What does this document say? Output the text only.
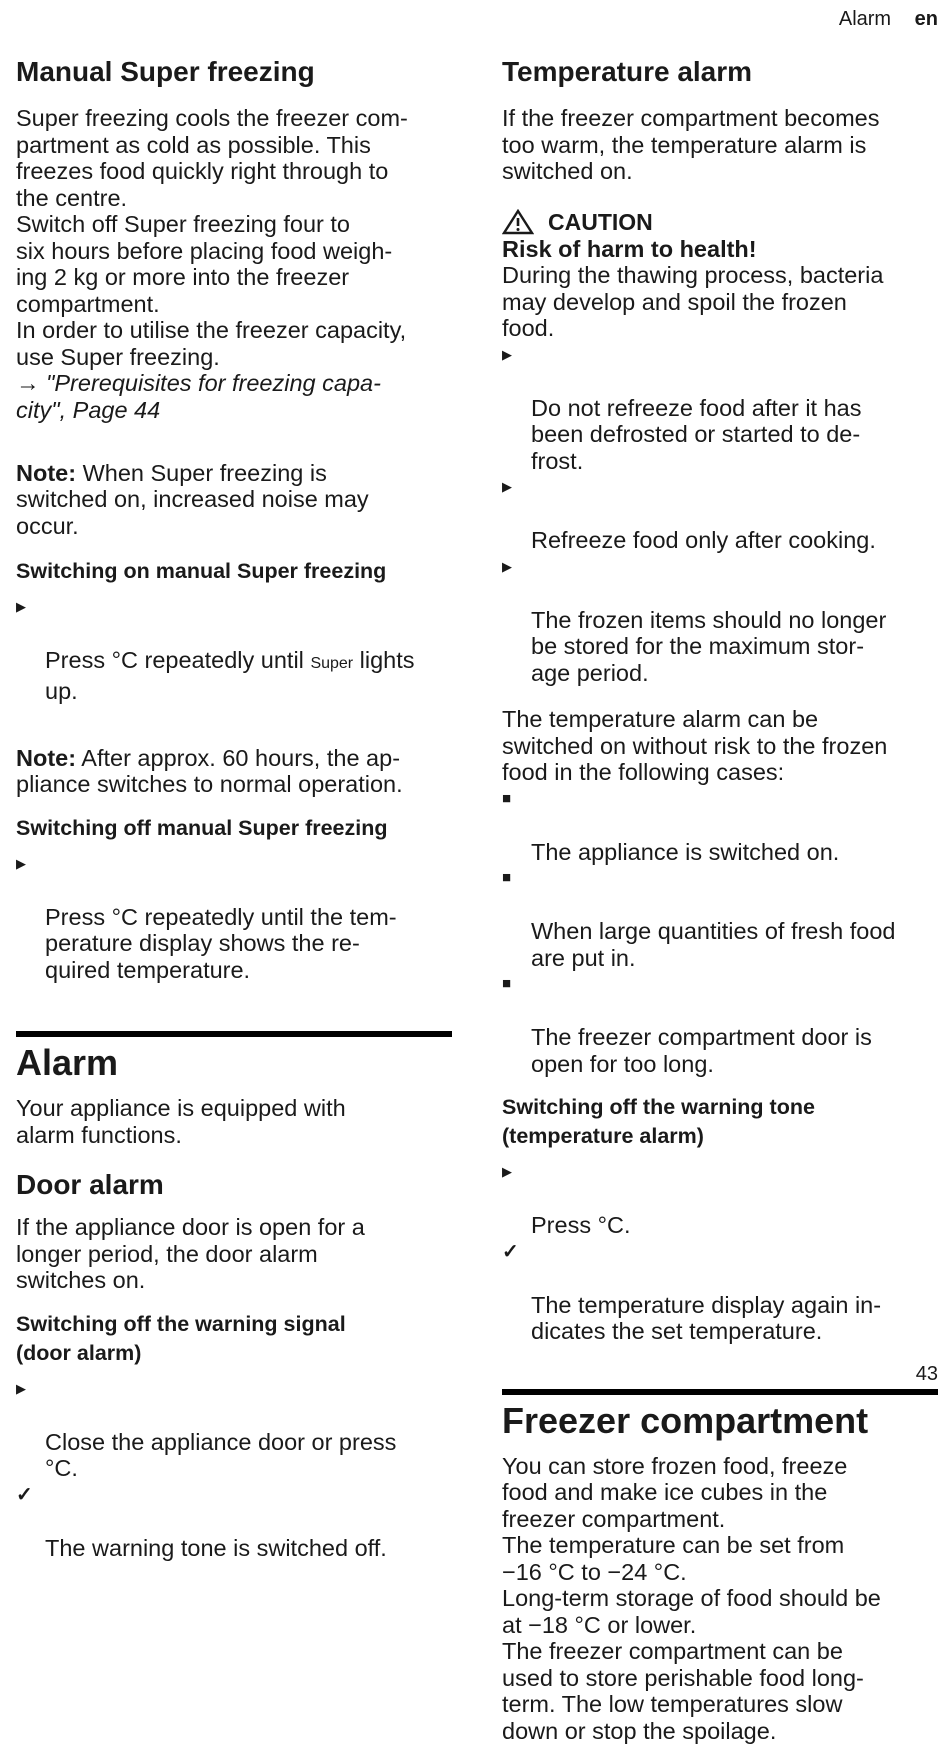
Alarm en
Manual Super freezing

Super freezing cools the freezer com-
partment as cold as possible. This
freezes food quickly right through to
the centre.

Switch off Super freezing four to
six hours before placing food weigh-
ing 2 kg or more into the freezer
compartment.

In order to utilise the freezer capacity,
use Super freezing.

→ "Prerequisites for freezing capa-
city", Page 44

Note: When Super freezing is
switched on, increased noise may
occur.

Switching on manual Super freezing

▶

Press °C repeatedly until Super lights
up.

Note: After approx. 60 hours, the ap-
pliance switches to normal operation.

Switching off manual Super freezing

▶

Press °C repeatedly until the tem-
perature display shows the re-
quired temperature.

Alarm

Your appliance is equipped with
alarm functions.

Door alarm

If the appliance door is open for a
longer period, the door alarm
switches on.

Switching off the warning signal
(door alarm)

▶

Close the appliance door or press
°C.

✓

The warning tone is switched off.

Temperature alarm

If the freezer compartment becomes
too warm, the temperature alarm is
switched on.

CAUTION

Risk of harm to health!

During the thawing process, bacteria
may develop and spoil the frozen
food.

▶

Do not refreeze food after it has
been defrosted or started to de-
frost.

▶

Refreeze food only after cooking.

▶

The frozen items should no longer
be stored for the maximum stor-
age period.

The temperature alarm can be
switched on without risk to the frozen
food in the following cases:

■

The appliance is switched on.

■

When large quantities of fresh food
are put in.

■

The freezer compartment door is
open for too long.

Switching off the warning tone
(temperature alarm)

▶

Press °C.

✓

The temperature display again in-
dicates the set temperature.

Freezer compartment

You can store frozen food, freeze
food and make ice cubes in the
freezer compartment.

The temperature can be set from
−16 °C to −24 °C.

Long-term storage of food should be
at −18 °C or lower.

The freezer compartment can be
used to store perishable food long-
term. The low temperatures slow
down or stop the spoilage.

43
